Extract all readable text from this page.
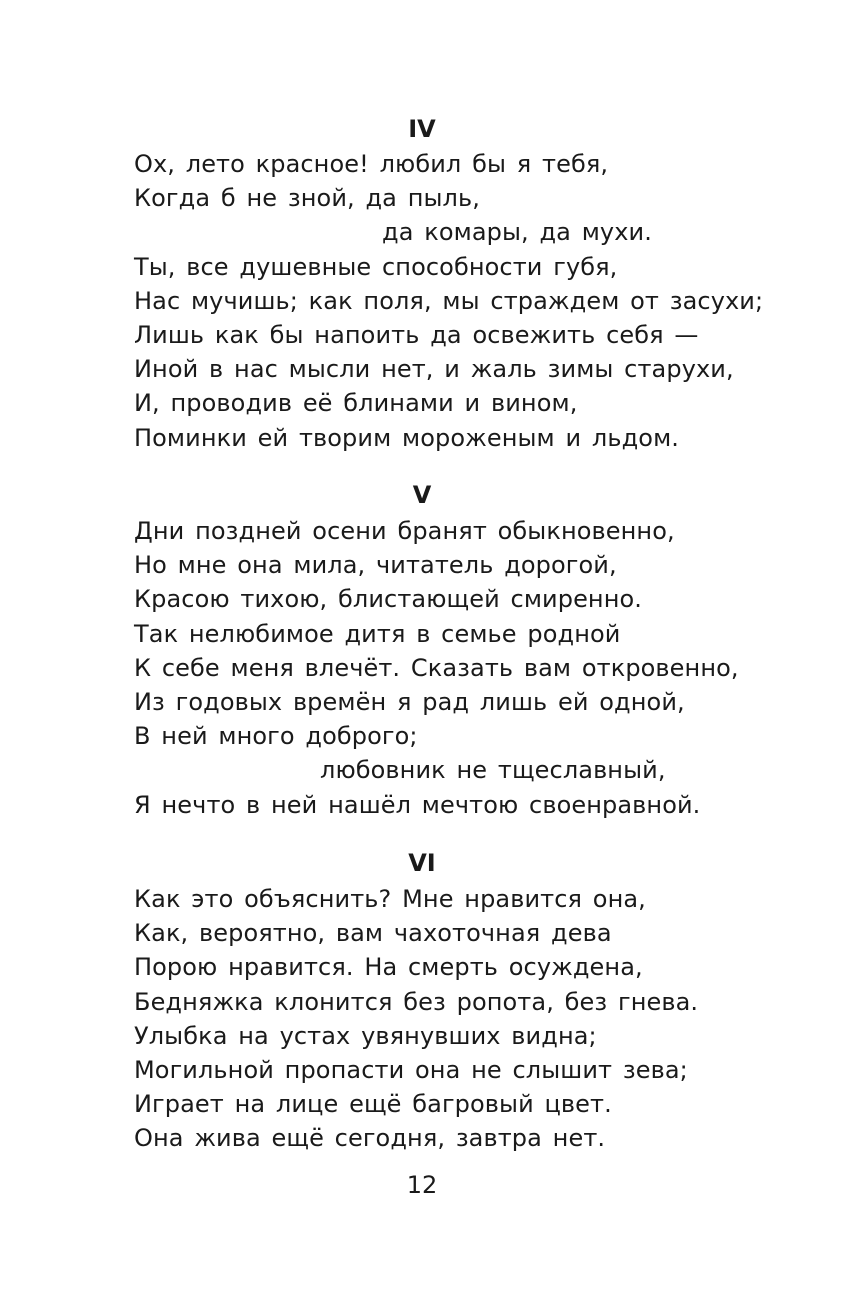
IV
Ох, лето красное! любил бы я тебя,
Когда б не зной, да пыль,
да комары, да мухи.
Ты, все душевные способности губя,
Нас мучишь; как поля, мы страждем от засухи;
Лишь как бы напоить да освежить себя —
Иной в нас мысли нет, и жаль зимы старухи,
И, проводив её блинами и вином,
Поминки ей творим мороженым и льдом.
V
Дни поздней осени бранят обыкновенно,
Но мне она мила, читатель дорогой,
Красою тихою, блистающей смиренно.
Так нелюбимое дитя в семье родной
К себе меня влечёт. Сказать вам откровенно,
Из годовых времён я рад лишь ей одной,
В ней много доброго;
любовник не тщеславный,
Я нечто в ней нашёл мечтою своенравной.
VI
Как это объяснить? Мне нравится она,
Как, вероятно, вам чахоточная дева
Порою нравится. На смерть осуждена,
Бедняжка клонится без ропота, без гнева.
Улыбка на устах увянувших видна;
Могильной пропасти она не слышит зева;
Играет на лице ещё багровый цвет.
Она жива ещё сегодня, завтра нет.
12
